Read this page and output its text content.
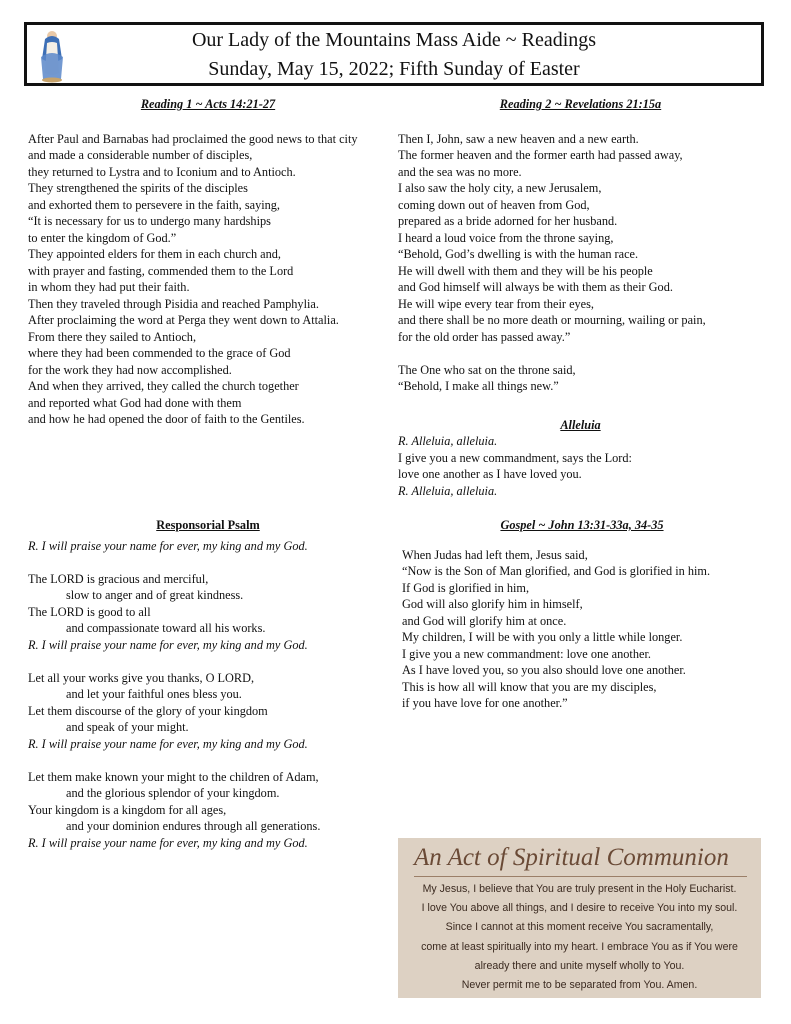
Our Lady of the Mountains Mass Aide ~ Readings
Sunday, May 15, 2022; Fifth Sunday of Easter
Reading 1 ~ Acts 14:21-27

After Paul and Barnabas had proclaimed the good news to that city

and made a considerable number of disciples,

they returned to Lystra and to Iconium and to Antioch.

They strengthened the spirits of the disciples

and exhorted them to persevere in the faith, saying,

“It is necessary for us to undergo many hardships

to enter the kingdom of God.”

They appointed elders for them in each church and,

with prayer and fasting, commended them to the Lord

in whom they had put their faith.

Then they traveled through Pisidia and reached Pamphylia.

After proclaiming the word at Perga they went down to Attalia.

From there they sailed to Antioch,

where they had been commended to the grace of God

for the work they had now accomplished.

And when they arrived, they called the church together

and reported what God had done with them

and how he had opened the door of faith to the Gentiles.

Reading 2 ~ Revelations 21:15a

Then I, John, saw a new heaven and a new earth.

The former heaven and the former earth had passed away,

and the sea was no more.

I also saw the holy city, a new Jerusalem,

coming down out of heaven from God,

prepared as a bride adorned for her husband.

I heard a loud voice from the throne saying,

“Behold, God’s dwelling is with the human race.

He will dwell with them and they will be his people

and God himself will always be with them as their God.

He will wipe every tear from their eyes,

and there shall be no more death or mourning, wailing or pain,

for the old order has passed away.”

The One who sat on the throne said,

“Behold, I make all things new.”

Alleluia

R. Alleluia, alleluia.

I give you a new commandment, says the Lord:

love one another as I have loved you.

R. Alleluia, alleluia.

Responsorial Psalm

R. I will praise your name for ever, my king and my God.

The LORD is gracious and merciful,

slow to anger and of great kindness.

The LORD is good to all

and compassionate toward all his works.

R. I will praise your name for ever, my king and my God.

Let all your works give you thanks, O LORD,

and let your faithful ones bless you.

Let them discourse of the glory of your kingdom

and speak of your might.

R. I will praise your name for ever, my king and my God.

Let them make known your might to the children of Adam,

and the glorious splendor of your kingdom.

Your kingdom is a kingdom for all ages,

and your dominion endures through all generations.

R. I will praise your name for ever, my king and my God.

Gospel ~ John 13:31-33a, 34-35

When Judas had left them, Jesus said,

“Now is the Son of Man glorified, and God is glorified in him.

If God is glorified in him,

God will also glorify him in himself,

and God will glorify him at once.

My children, I will be with you only a little while longer.

I give you a new commandment: love one another.

As I have loved you, so you also should love one another.

This is how all will know that you are my disciples,

if you have love for one another.”

An Act of Spiritual Communion

My Jesus, I believe that You are truly present in the Holy Eucharist.

I love You above all things, and I desire to receive You into my soul.

Since I cannot at this moment receive You sacramentally,

come at least spiritually into my heart. I embrace You as if You were

already there and unite myself wholly to You.

Never permit me to be separated from You. Amen.
